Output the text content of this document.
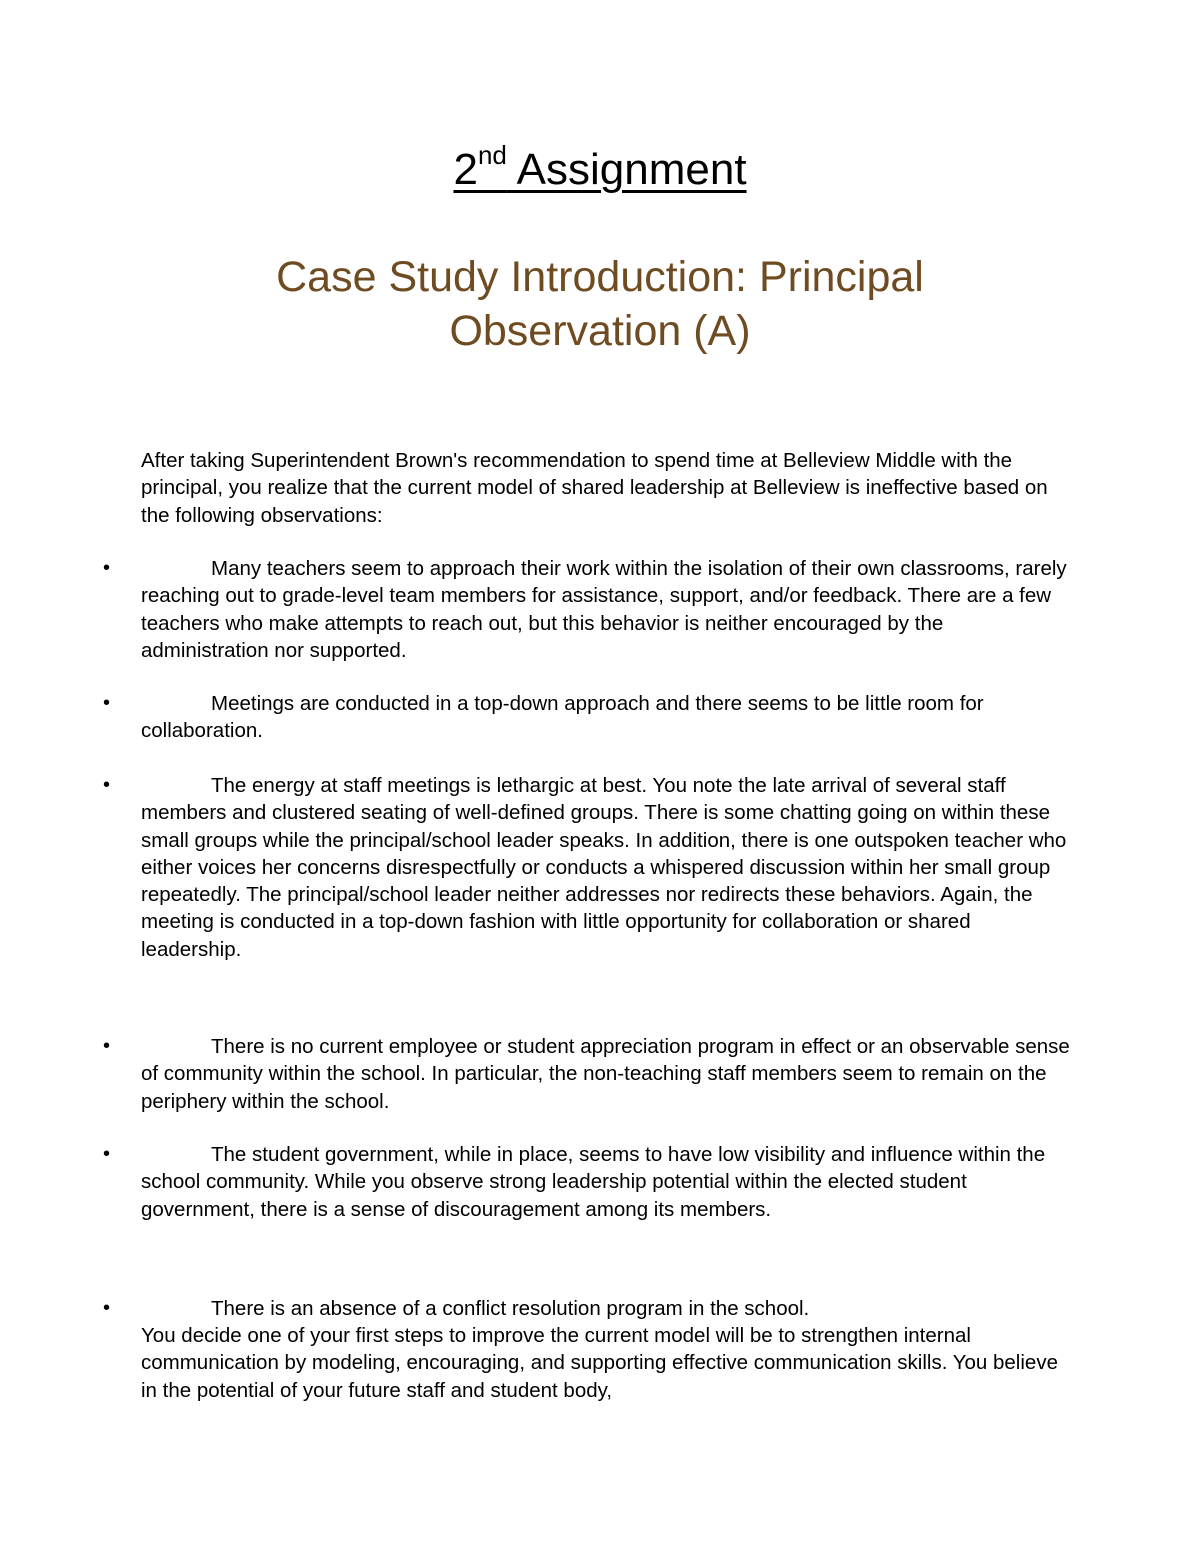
2nd Assignment
Case Study Introduction: Principal
Observation (A)
After taking Superintendent Brown's recommendation to spend time at Belleview Middle with the principal, you realize that the current model of shared leadership at Belleview is ineffective based on the following observations:
•	Many teachers seem to approach their work within the isolation of their own classrooms, rarely reaching out to grade-level team members for assistance, support, and/or feedback. There are a few teachers who make attempts to reach out, but this behavior is neither encouraged by the administration nor supported.
•	Meetings are conducted in a top-down approach and there seems to be little room for collaboration.
•	The energy at staff meetings is lethargic at best. You note the late arrival of several staff members and clustered seating of well-defined groups. There is some chatting going on within these small groups while the principal/school leader speaks. In addition, there is one outspoken teacher who either voices her concerns disrespectfully or conducts a whispered discussion within her small group repeatedly. The principal/school leader neither addresses nor redirects these behaviors. Again, the meeting is conducted in a top-down fashion with little opportunity for collaboration or shared leadership.
•	There is no current employee or student appreciation program in effect or an observable sense of community within the school. In particular, the non-teaching staff members seem to remain on the periphery within the school.
•	The student government, while in place, seems to have low visibility and influence within the school community. While you observe strong leadership potential within the elected student government, there is a sense of discouragement among its members.
•	There is an absence of a conflict resolution program in the school.
You decide one of your first steps to improve the current model will be to strengthen internal communication by modeling, encouraging, and supporting effective communication skills. You believe in the potential of your future staff and student body,
